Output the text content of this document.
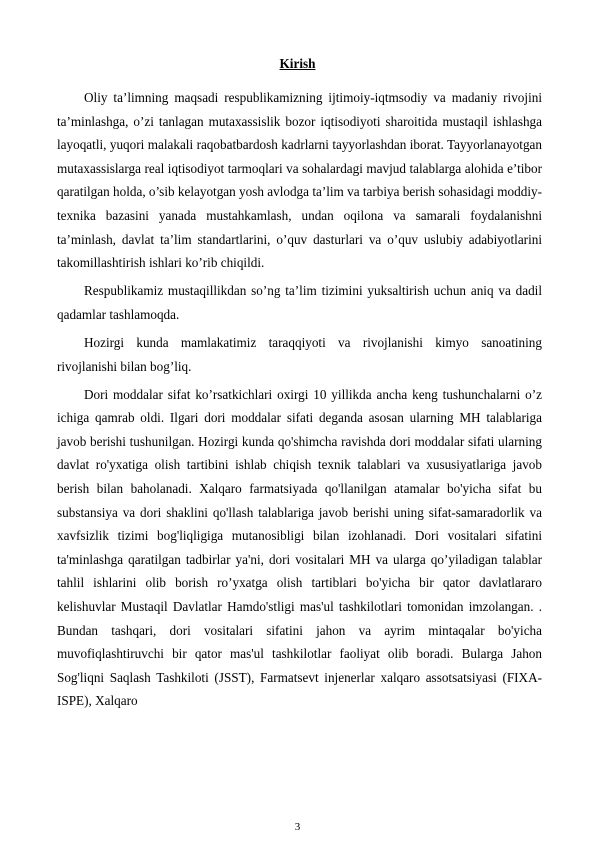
Kirish

Oliy ta’limning maqsadi respublikamizning ijtimoiy-iqtmsodiy va madaniy rivojini ta’minlashga, o’zi tanlagan mutaxassislik bozor iqtisodiyoti sharoitida mustaqil ishlashga layoqatli, yuqori malakali raqobatbardosh kadrlarni tayyorlashdan iborat. Tayyorlanayotgan mutaxassislarga real iqtisodiyot tarmoqlari va sohalardagi mavjud talablarga alohida e’tibor qaratilgan holda, o’sib kelayotgan yosh avlodga ta’lim va tarbiya berish sohasidagi moddiy-texnika bazasini yanada mustahkamlash, undan oqilona va samarali foydalanishni ta’minlash, davlat ta’lim standartlarini, o’quv dasturlari va o’quv uslubiy adabiyotlarini takomillashtirish ishlari ko’rib chiqildi.

Respublikamiz mustaqillikdan so’ng ta’lim tizimini yuksaltirish uchun aniq va dadil qadamlar tashlamoqda.

Hozirgi kunda mamlakatimiz taraqqiyoti va rivojlanishi kimyo sanoatining rivojlanishi bilan bog’liq.

Dori moddalar sifat ko’rsatkichlari oxirgi 10 yillikda ancha keng tushunchalarni o’z ichiga qamrab oldi. Ilgari dori moddalar sifati deganda asosan ularning MH talablariga javob berishi tushunilgan. Hozirgi kunda qo'shimcha ravishda dori moddalar sifati ularning davlat ro'yxatiga olish tartibini ishlab chiqish texnik talablari va xususiyatlariga javob berish bilan baholanadi. Xalqaro farmatsiyada qo'llanilgan atamalar bo'yicha sifat bu substansiya va dori shaklini qo'llash talablariga javob berishi uning sifat-samaradorlik va xavfsizlik tizimi bog'liqligiga mutanosibligi bilan izohlanadi. Dori vositalari sifatini ta'minlashga qaratilgan tadbirlar ya'ni, dori vositalari MH va ularga qo’yiladigan talablar tahlil ishlarini olib borish ro’yxatga olish tartiblari bo'yicha bir qator davlatlararo kelishuvlar Mustaqil Davlatlar Hamdo'stligi mas'ul tashkilotlari tomonidan imzolangan. . Bundan tashqari, dori vositalari sifatini jahon va ayrim mintaqalar bo'yicha muvofiqlashtiruvchi bir qator mas'ul tashkilotlar faoliyat olib boradi. Bularga Jahon Sog'liqni Saqlash Tashkiloti (JSST), Farmatsevt injenerlar xalqaro assotsatsiyasi (FIXA-ISPE), Xalqaro

3
